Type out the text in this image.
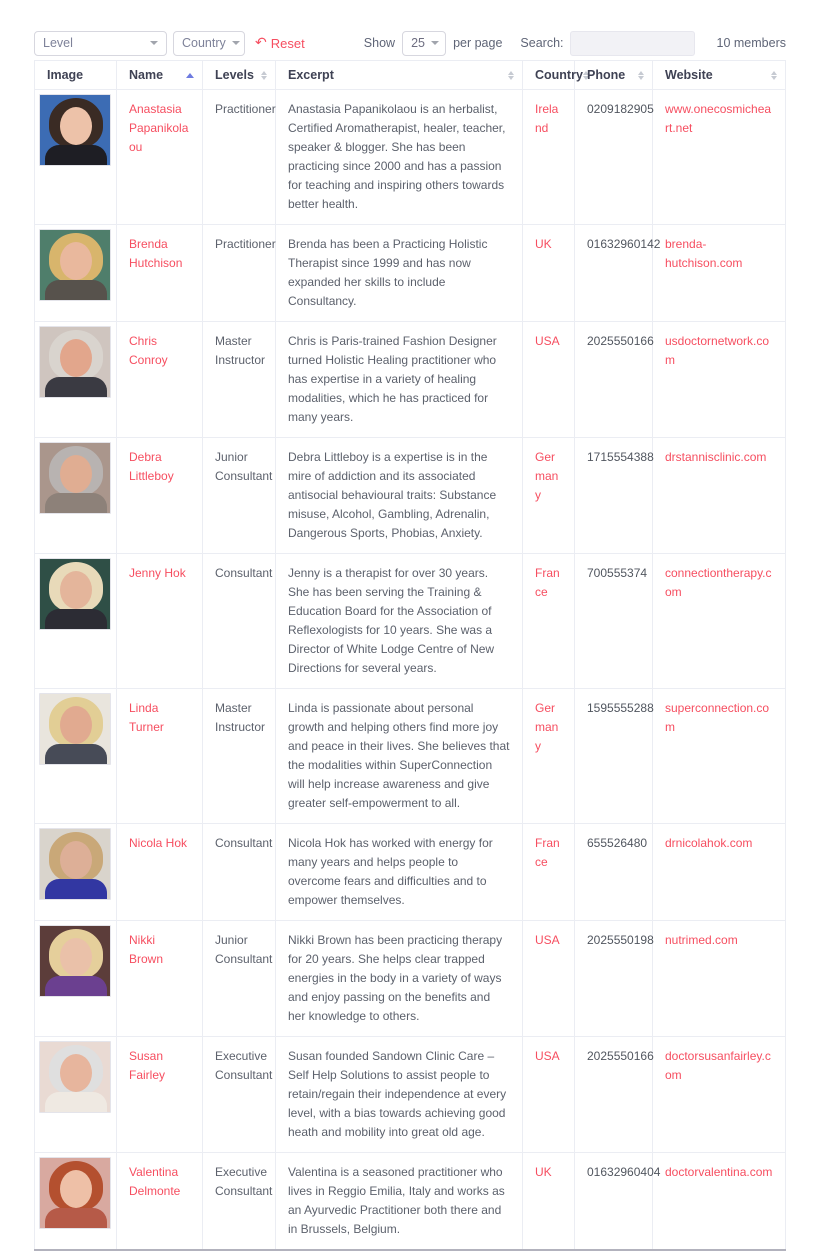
Level	Country ↶ Reset	Show 25 per page Search:	10 members
Image	Name	Levels	Excerpt	Country	Phone	Website

	Anastasia Papanikolaou	Practitioner	Anastasia Papanikolaou is an herbalist, Certified Aromatherapist, healer, teacher, speaker & blogger. She has been practicing since 2000 and has a passion for teaching and inspiring others towards better health.	Ireland	0209182905	www.onecosmicheart.net

	Brenda Hutchison	Practitioner	Brenda has been a Practicing Holistic Therapist since 1999 and has now expanded her skills to include Consultancy.	UK	01632960142	brenda-hutchison.com

	Chris Conroy	Master Instructor	Chris is Paris-trained Fashion Designer turned Holistic Healing practitioner who has expertise in a variety of healing modalities, which he has practiced for many years.	USA	2025550166	usdoctornetwork.com

	Debra Littleboy	Junior Consultant	Debra Littleboy is a expertise is in the mire of addiction and its associated antisocial behavioural traits: Substance misuse, Alcohol, Gambling, Adrenalin, Dangerous Sports, Phobias, Anxiety.	Germany	1715554388	drstannisclinic.com

	Jenny Hok	Consultant	Jenny is a therapist for over 30 years. She has been serving the Training & Education Board for the Association of Reflexologists for 10 years. She was a Director of White Lodge Centre of New Directions for several years.	France	700555374	connectiontherapy.com

	Linda Turner	Master Instructor	Linda is passionate about personal growth and helping others find more joy and peace in their lives. She believes that the modalities within SuperConnection will help increase awareness and give greater self-empowerment to all.	Germany	1595555288	superconnection.com

	Nicola Hok	Consultant	Nicola Hok has worked with energy for many years and helps people to overcome fears and difficulties and to empower themselves.	France	655526480	drnicolahok.com

	Nikki Brown	Junior Consultant	Nikki Brown has been practicing therapy for 20 years. She helps clear trapped energies in the body in a variety of ways and enjoy passing on the benefits and her knowledge to others.	USA	2025550198	nutrimed.com

	Susan Fairley	Executive Consultant	Susan founded Sandown Clinic Care – Self Help Solutions to assist people to retain/regain their independence at every level, with a bias towards achieving good heath and mobility into great old age.	USA	2025550166	doctorsusanfairley.com

	Valentina Delmonte	Executive Consultant	Valentina is a seasoned practitioner who lives in Reggio Emilia, Italy and works as an Ayurvedic Practitioner both there and in Brussels, Belgium.	UK	01632960404	doctorvalentina.com
